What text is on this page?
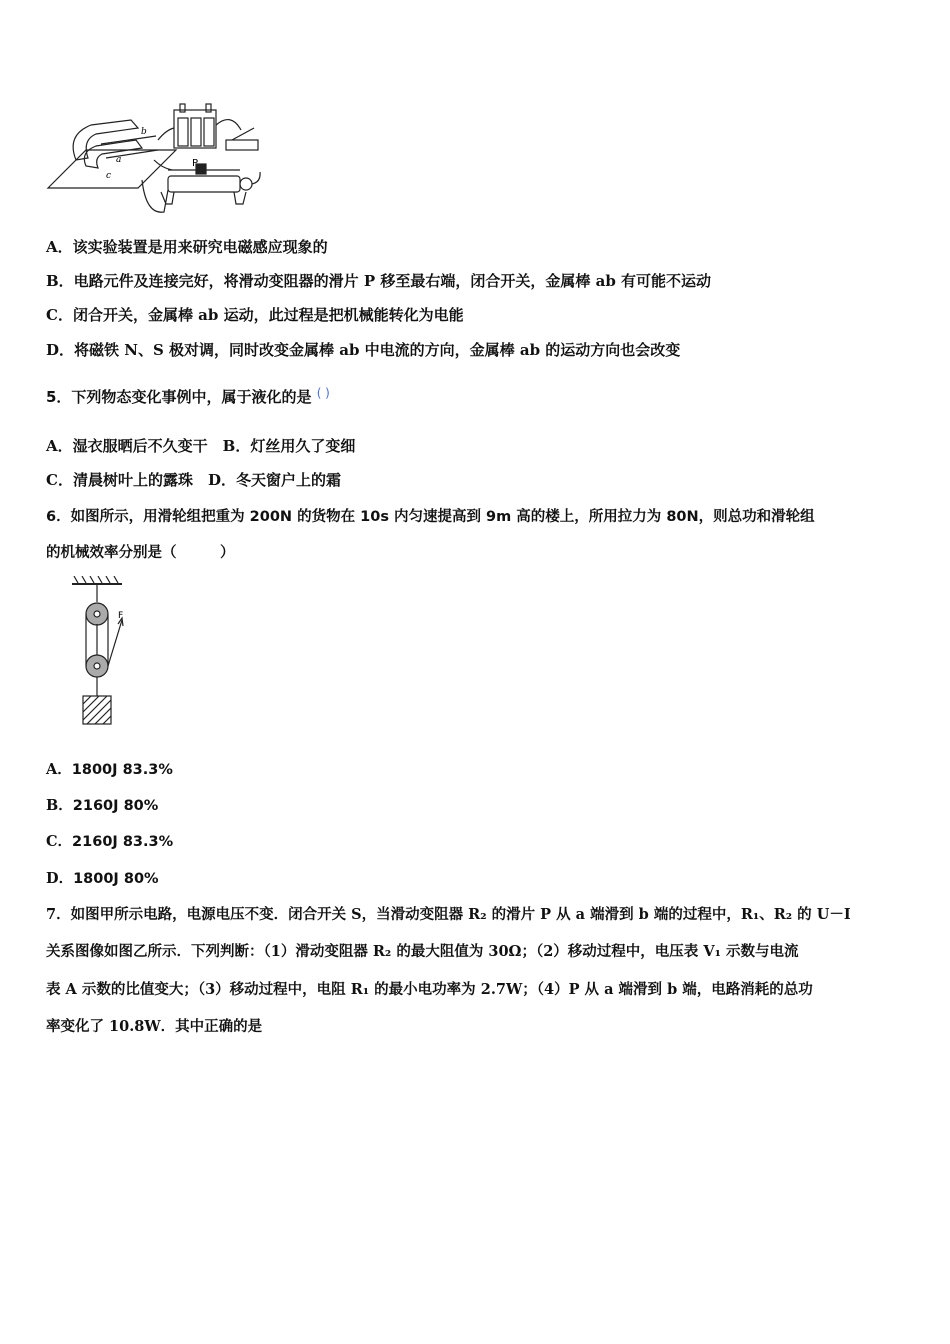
b
a
c
P
A．该实验装置是用来研究电磁感应现象的
B．电路元件及连接完好，将滑动变阻器的滑片 P 移至最右端，闭合开关，金属棒 ab 有可能不运动
C．闭合开关，金属棒 ab 运动，此过程是把机械能转化为电能
D．将磁铁 N、S 极对调，同时改变金属棒 ab 中电流的方向，金属棒 ab 的运动方向也会改变
5．下列物态变化事例中，属于液化的是 ( )
A．湿衣服晒后不久变干　B．灯丝用久了变细
C．清晨树叶上的露珠　D．冬天窗户上的霜
6．如图所示，用滑轮组把重为 200N 的货物在 10s 内匀速提高到 9m 高的楼上，所用拉力为 80N，则总功和滑轮组
的机械效率分别是（　　　）
F
A．1800J 83.3%
B．2160J 80%
C．2160J 83.3%
D．1800J 80%
7．如图甲所示电路，电源电压不变．闭合开关 S，当滑动变阻器 R₂ 的滑片 P 从 a 端滑到 b 端的过程中，R₁、R₂ 的 U－I
关系图像如图乙所示．下列判断：（1）滑动变阻器 R₂ 的最大阻值为 30Ω；（2）移动过程中，电压表 V₁ 示数与电流
表 A 示数的比值变大；（3）移动过程中，电阻 R₁ 的最小电功率为 2.7W；（4）P 从 a 端滑到 b 端，电路消耗的总功
率变化了 10.8W．其中正确的是
